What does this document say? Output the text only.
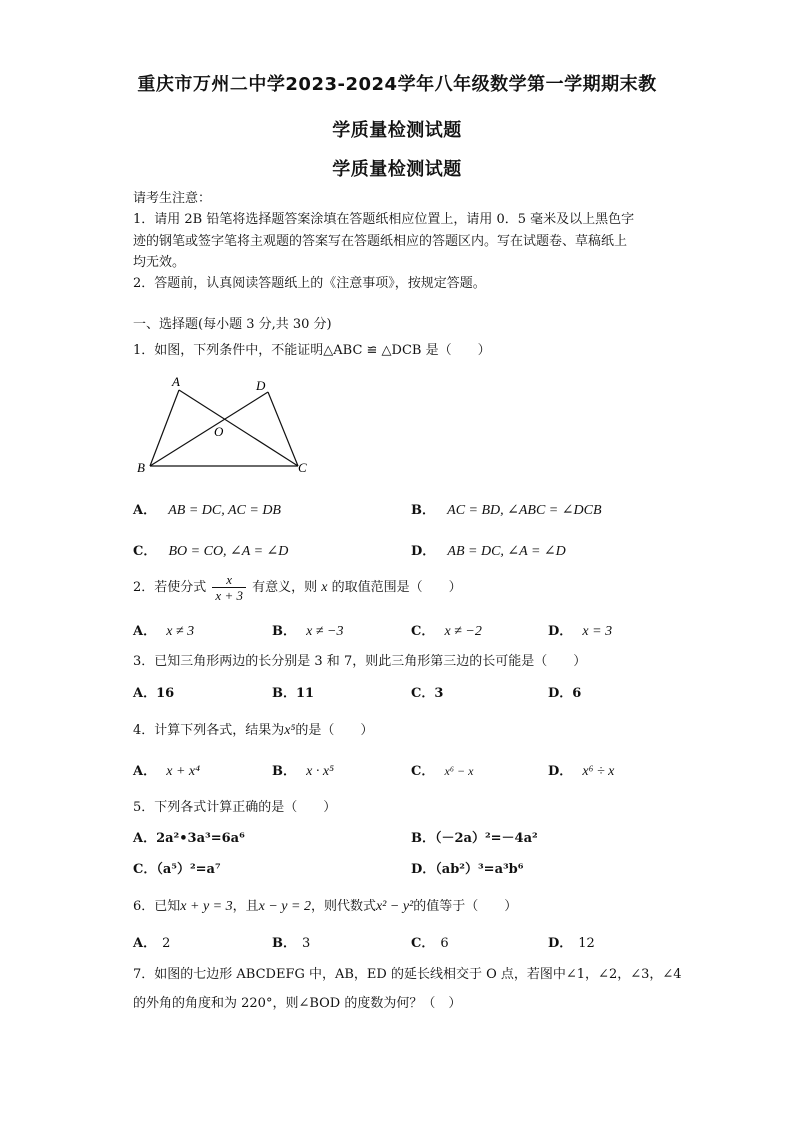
重庆市万州二中学2023-2024学年八年级数学第一学期期末教
学质量检测试题
学质量检测试题
请考生注意：
1．请用 2B 铅笔将选择题答案涂填在答题纸相应位置上，请用 0．5 毫米及以上黑色字
迹的钢笔或签字笔将主观题的答案写在答题纸相应的答题区内。写在试题卷、草稿纸上
均无效。
2．答题前，认真阅读答题纸上的《注意事项》，按规定答题。
一、选择题(每小题 3 分,共 30 分)
1．如图，下列条件中，不能证明△ABC ≌ △DCB 是（　　）
A	D
O
B	C
A． AB = DC, AC = DB	B． AC = BD, ∠ABC = ∠DCB
C． BO = CO, ∠A = ∠D	D． AB = DC, ∠A = ∠D
2．若使分式 $\frac{x}{x + 3}$ 有意义，则 x 的取值范围是（　　）
A． x ≠ 3	B． x ≠ −3	C． x ≠ −2	D． x = 3
3．已知三角形两边的长分别是 3 和 7，则此三角形第三边的长可能是（　　）
A．16	B．11	C．3	D．6
4．计算下列各式，结果为x⁵的是（　　）
A． x + x⁴	B． x · x⁵	C． x⁶ − x	D． x⁶ ÷ x
5．下列各式计算正确的是（　　）
A．2a²•3a³=6a⁶	B．（－2a）²=－4a²
C．（a⁵）²=a⁷	D．（ab²）³=a³b⁶
6．已知x + y = 3，且x − y = 2，则代数式x² − y²的值等于（　　）
A． 2	B． 3	C． 6	D． 12
7．如图的七边形 ABCDEFG 中，AB，ED 的延长线相交于 O 点，若图中∠1，∠2，∠3，∠4
的外角的角度和为 220°，则∠BOD 的度数为何？（　）
